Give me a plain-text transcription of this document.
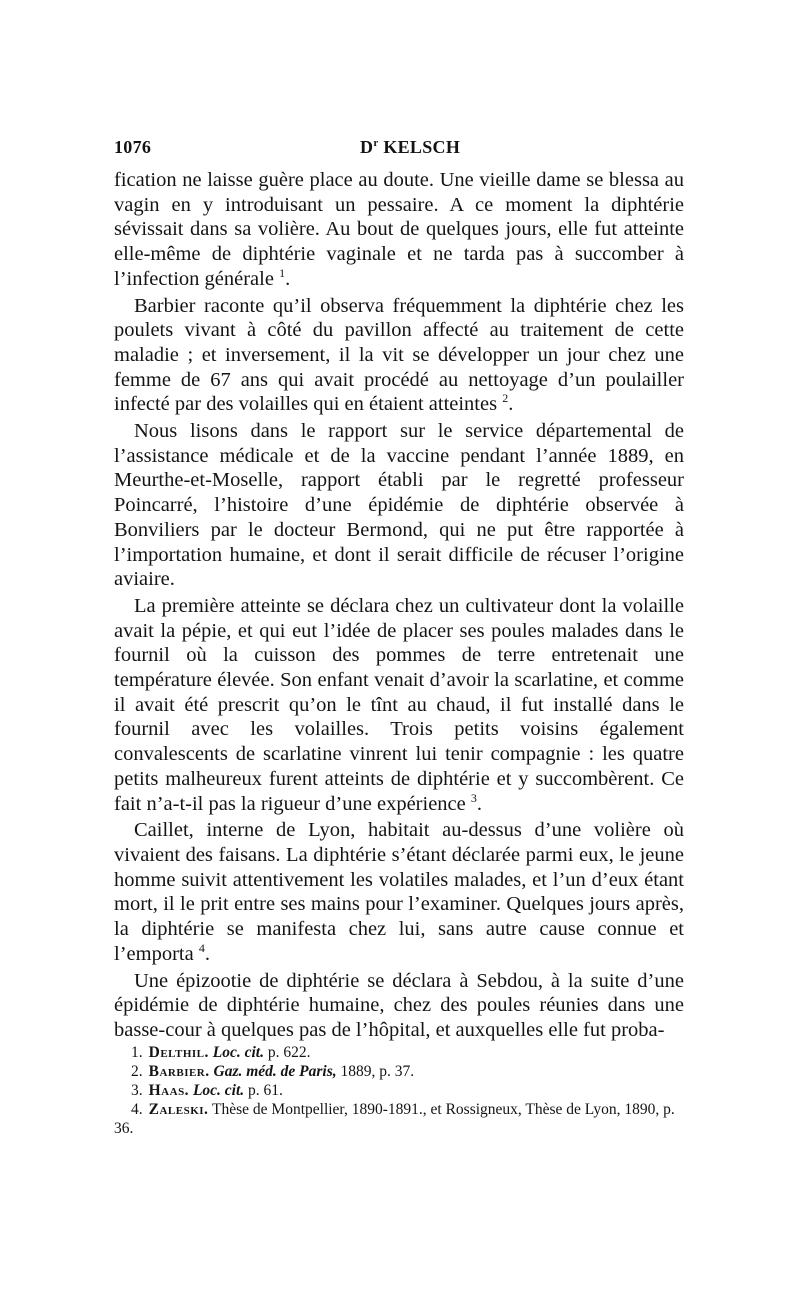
1076	$D^r$ KELSCH

fication ne laisse guère place au doute. Une vieille dame se blessa au vagin en y introduisant un pessaire. A ce moment la diphtérie sévissait dans sa volière. Au bout de quelques jours, elle fut atteinte elle-même de diphtérie vaginale et ne tarda pas à succomber à l’infection générale $^1$.

Barbier raconte qu’il observa fréquemment la diphtérie chez les poulets vivant à côté du pavillon affecté au traitement de cette maladie ; et inversement, il la vit se développer un jour chez une femme de 67 ans qui avait procédé au nettoyage d’un poulailler infecté par des volailles qui en étaient atteintes $^2$.

Nous lisons dans le rapport sur le service départemental de l’assistance médicale et de la vaccine pendant l’année 1889, en Meurthe-et-Moselle, rapport établi par le regretté professeur Poincarré, l’histoire d’une épidémie de diphtérie observée à Bonviliers par le docteur Bermond, qui ne put être rapportée à l’importation humaine, et dont il serait difficile de récuser l’origine aviaire.

La première atteinte se déclara chez un cultivateur dont la volaille avait la pépie, et qui eut l’idée de placer ses poules malades dans le fournil où la cuisson des pommes de terre entretenait une température élevée. Son enfant venait d’avoir la scarlatine, et comme il avait été prescrit qu’on le tînt au chaud, il fut installé dans le fournil avec les volailles. Trois petits voisins également convalescents de scarlatine vinrent lui tenir compagnie : les quatre petits malheureux furent atteints de diphtérie et y succombèrent. Ce fait n’a-t-il pas la rigueur d’une expérience $^3$.

Caillet, interne de Lyon, habitait au-dessus d’une volière où vivaient des faisans. La diphtérie s’étant déclarée parmi eux, le jeune homme suivit attentivement les volatiles malades, et l’un d’eux étant mort, il le prit entre ses mains pour l’examiner. Quelques jours après, la diphtérie se manifesta chez lui, sans autre cause connue et l’emporta $^4$.

Une épizootie de diphtérie se déclara à Sebdou, à la suite d’une épidémie de diphtérie humaine, chez des poules réunies dans une basse-cour à quelques pas de l’hôpital, et auxquelles elle fut proba-

1. Delthil. Loc. cit. p. 622.

2. Barbier. Gaz. méd. de Paris, 1889, p. 37.

3. Haas. Loc. cit. p. 61.

4. Zaleski. Thèse de Montpellier, 1890-1891., et Rossigneux, Thèse de Lyon, 1890, p. 36.
